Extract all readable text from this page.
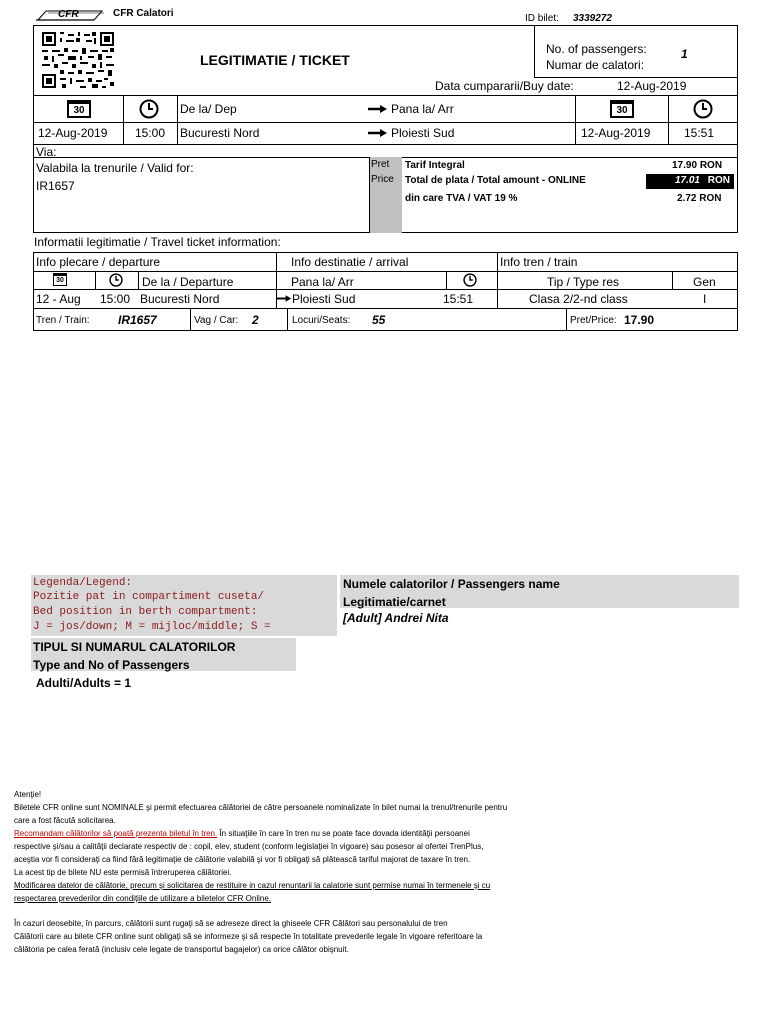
CFR	CFR Calatori	ID bilet: 3339272
LEGITIMATIE / TICKET
No. of passengers:
Numar de calatori:
1
Data cumpararii/Buy date:	12-Aug-2019
30	De la/ Dep	Pana la/ Arr	30
12-Aug-2019 15:00 Bucuresti Nord	Ploiesti Sud	12-Aug-2019	15:51
Via:
Valabila la trenurile / Valid for:
IR1657
Pret
Price
Tarif Integral	17.90 RON
Total de plata / Total amount - ONLINE	17.01 RON
din care TVA / VAT 19 %	2.72 RON
Informatii legitimatie / Travel ticket information:
Info plecare / departure	Info destinatie / arrival	Info tren / train
30	De la / Departure	Pana la/ Arr	Tip / Type res	Gen
12 - Aug 15:00 Bucuresti Nord	Ploiesti Sud	15:51	Clasa 2/2-nd class	I
Tren / Train: IR1657	Vag / Car: 2	Locuri/Seats: 55	Pret/Price: 17.90
Legenda/Legend:
Pozitie pat in compartiment cuseta/
Bed position in berth compartment:
J = jos/down; M = mijloc/middle; S =
Numele calatorilor / Passengers name
Legitimatie/carnet
[Adult] Andrei Nita
TIPUL SI NUMARUL CALATORILOR
Type and No of Passengers
Adulti/Adults = 1
Atenţie!
Biletele CFR online sunt NOMINALE şi permit efectuarea călătoriei de către persoanele nominalizate în bilet numai la trenul/trenurile pentru
care a fost făcută solicitarea.
Recomandam călătorilor să poată prezenta biletul în tren. În situaţiile în care în tren nu se poate face dovada identităţii persoanei
respective şi/sau a calităţii declarate respectiv de : copil, elev, student (conform legislaţiei în vigoare) sau posesor al ofertei TrenPlus,
aceştia vor fi consideraţi ca fiind fără legitimaţie de călătorie valabilă şi vor fi obligaţi să plătească tariful majorat de taxare în tren.
La acest tip de bilete NU este permisă întreruperea călătoriei.
Modificarea datelor de călătorie, precum şi solicitarea de restituire in cazul renuntarii la calatorie sunt permise numai în termenele şi cu
respectarea prevederilor din condiţiile de utilizare a biletelor CFR Online.
În cazuri deosebite, în parcurs, călătorii sunt rugaţi să se adreseze direct la ghiseele CFR Călători sau personalului de tren
Călătorii care au bilete CFR online sunt obligaţi să se informeze şi să respecte în totalitate prevederile legale în vigoare referitoare la
călătoria pe calea ferată (inclusiv cele legate de transportul bagajelor) ca orice călător obişnuit.
